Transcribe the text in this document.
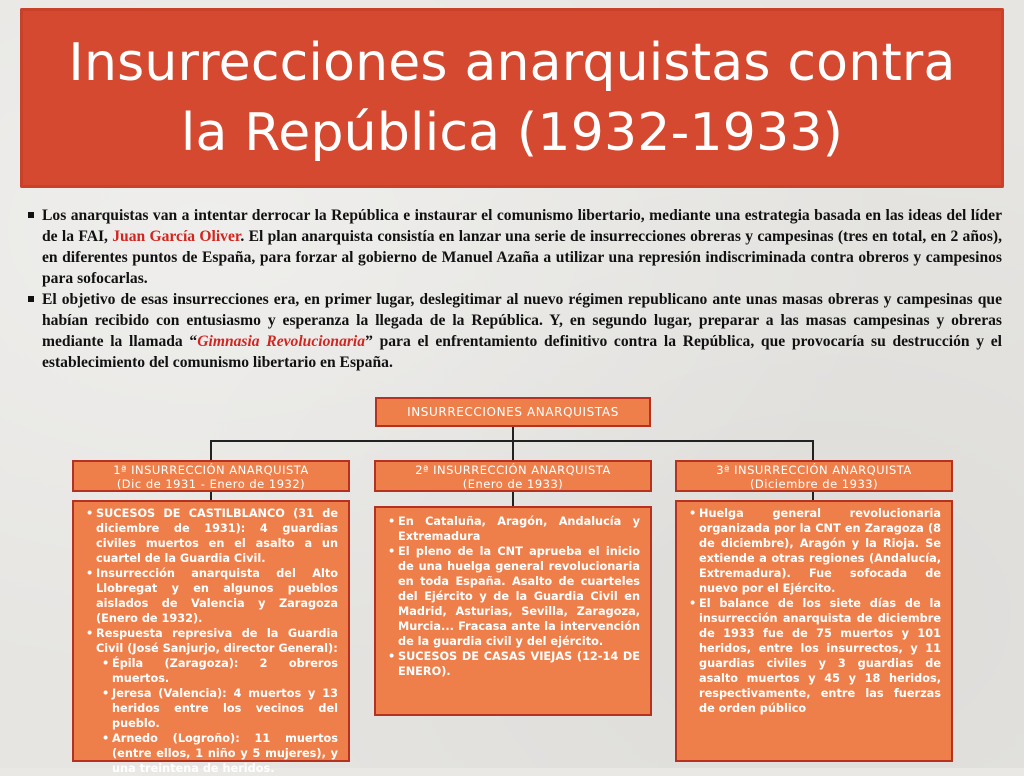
Insurrecciones anarquistas contra
la República (1932-1933)
Los anarquistas van a intentar derrocar la República e instaurar el comunismo libertario, mediante una estrategia basada en las ideas del líder de la FAI, Juan García Oliver. El plan anarquista consistía en lanzar una serie de insurrecciones obreras y campesinas (tres en total, en 2 años), en diferentes puntos de España, para forzar al gobierno de Manuel Azaña a utilizar una represión indiscriminada contra obreros y campesinos para sofocarlas.
El objetivo de esas insurrecciones era, en primer lugar, deslegitimar al nuevo régimen republicano ante unas masas obreras y campesinas que habían recibido con entusiasmo y esperanza la llegada de la República. Y, en segundo lugar, preparar a las masas campesinas y obreras mediante la llamada “Gimnasia Revolucionaria” para el enfrentamiento definitivo contra la República, que provocaría su destrucción y el establecimiento del comunismo libertario en España.
INSURRECCIONES ANARQUISTAS
1ª INSURRECCIÓN ANARQUISTA
(Dic de 1931 - Enero de 1932)
2ª INSURRECCIÓN ANARQUISTA
(Enero de 1933)
3ª INSURRECCIÓN ANARQUISTA
(Diciembre de 1933)
• SUCESOS DE CASTILBLANCO (31 de diciembre de 1931): 4 guardias civiles muertos en el asalto a un cuartel de la Guardia Civil.
• Insurrección anarquista del Alto Llobregat y en algunos pueblos aislados de Valencia y Zaragoza (Enero de 1932).
• Respuesta represiva de la Guardia Civil (José Sanjurjo, director General):
• Épila (Zaragoza): 2 obreros muertos.
• Jeresa (Valencia): 4 muertos y 13 heridos entre los vecinos del pueblo.
• Arnedo (Logroño): 11 muertos (entre ellos, 1 niño y 5 mujeres), y una treintena de heridos.
• En Cataluña, Aragón, Andalucía y Extremadura
• El pleno de la CNT aprueba el inicio de una huelga general revolucionaria en toda España. Asalto de cuarteles del Ejército y de la Guardia Civil en Madrid, Asturias, Sevilla, Zaragoza, Murcia... Fracasa ante la intervención de la guardia civil y del ejército.
• SUCESOS DE CASAS VIEJAS (12-14 DE ENERO).
• Huelga general revolucionaria organizada por la CNT en Zaragoza (8 de diciembre), Aragón y la Rioja. Se extiende a otras regiones (Andalucía, Extremadura). Fue sofocada de nuevo por el Ejército.
• El balance de los siete días de la insurrección anarquista de diciembre de 1933 fue de 75 muertos y 101 heridos, entre los insurrectos, y 11 guardias civiles y 3 guardias de asalto muertos y 45 y 18 heridos, respectivamente, entre las fuerzas de orden público
